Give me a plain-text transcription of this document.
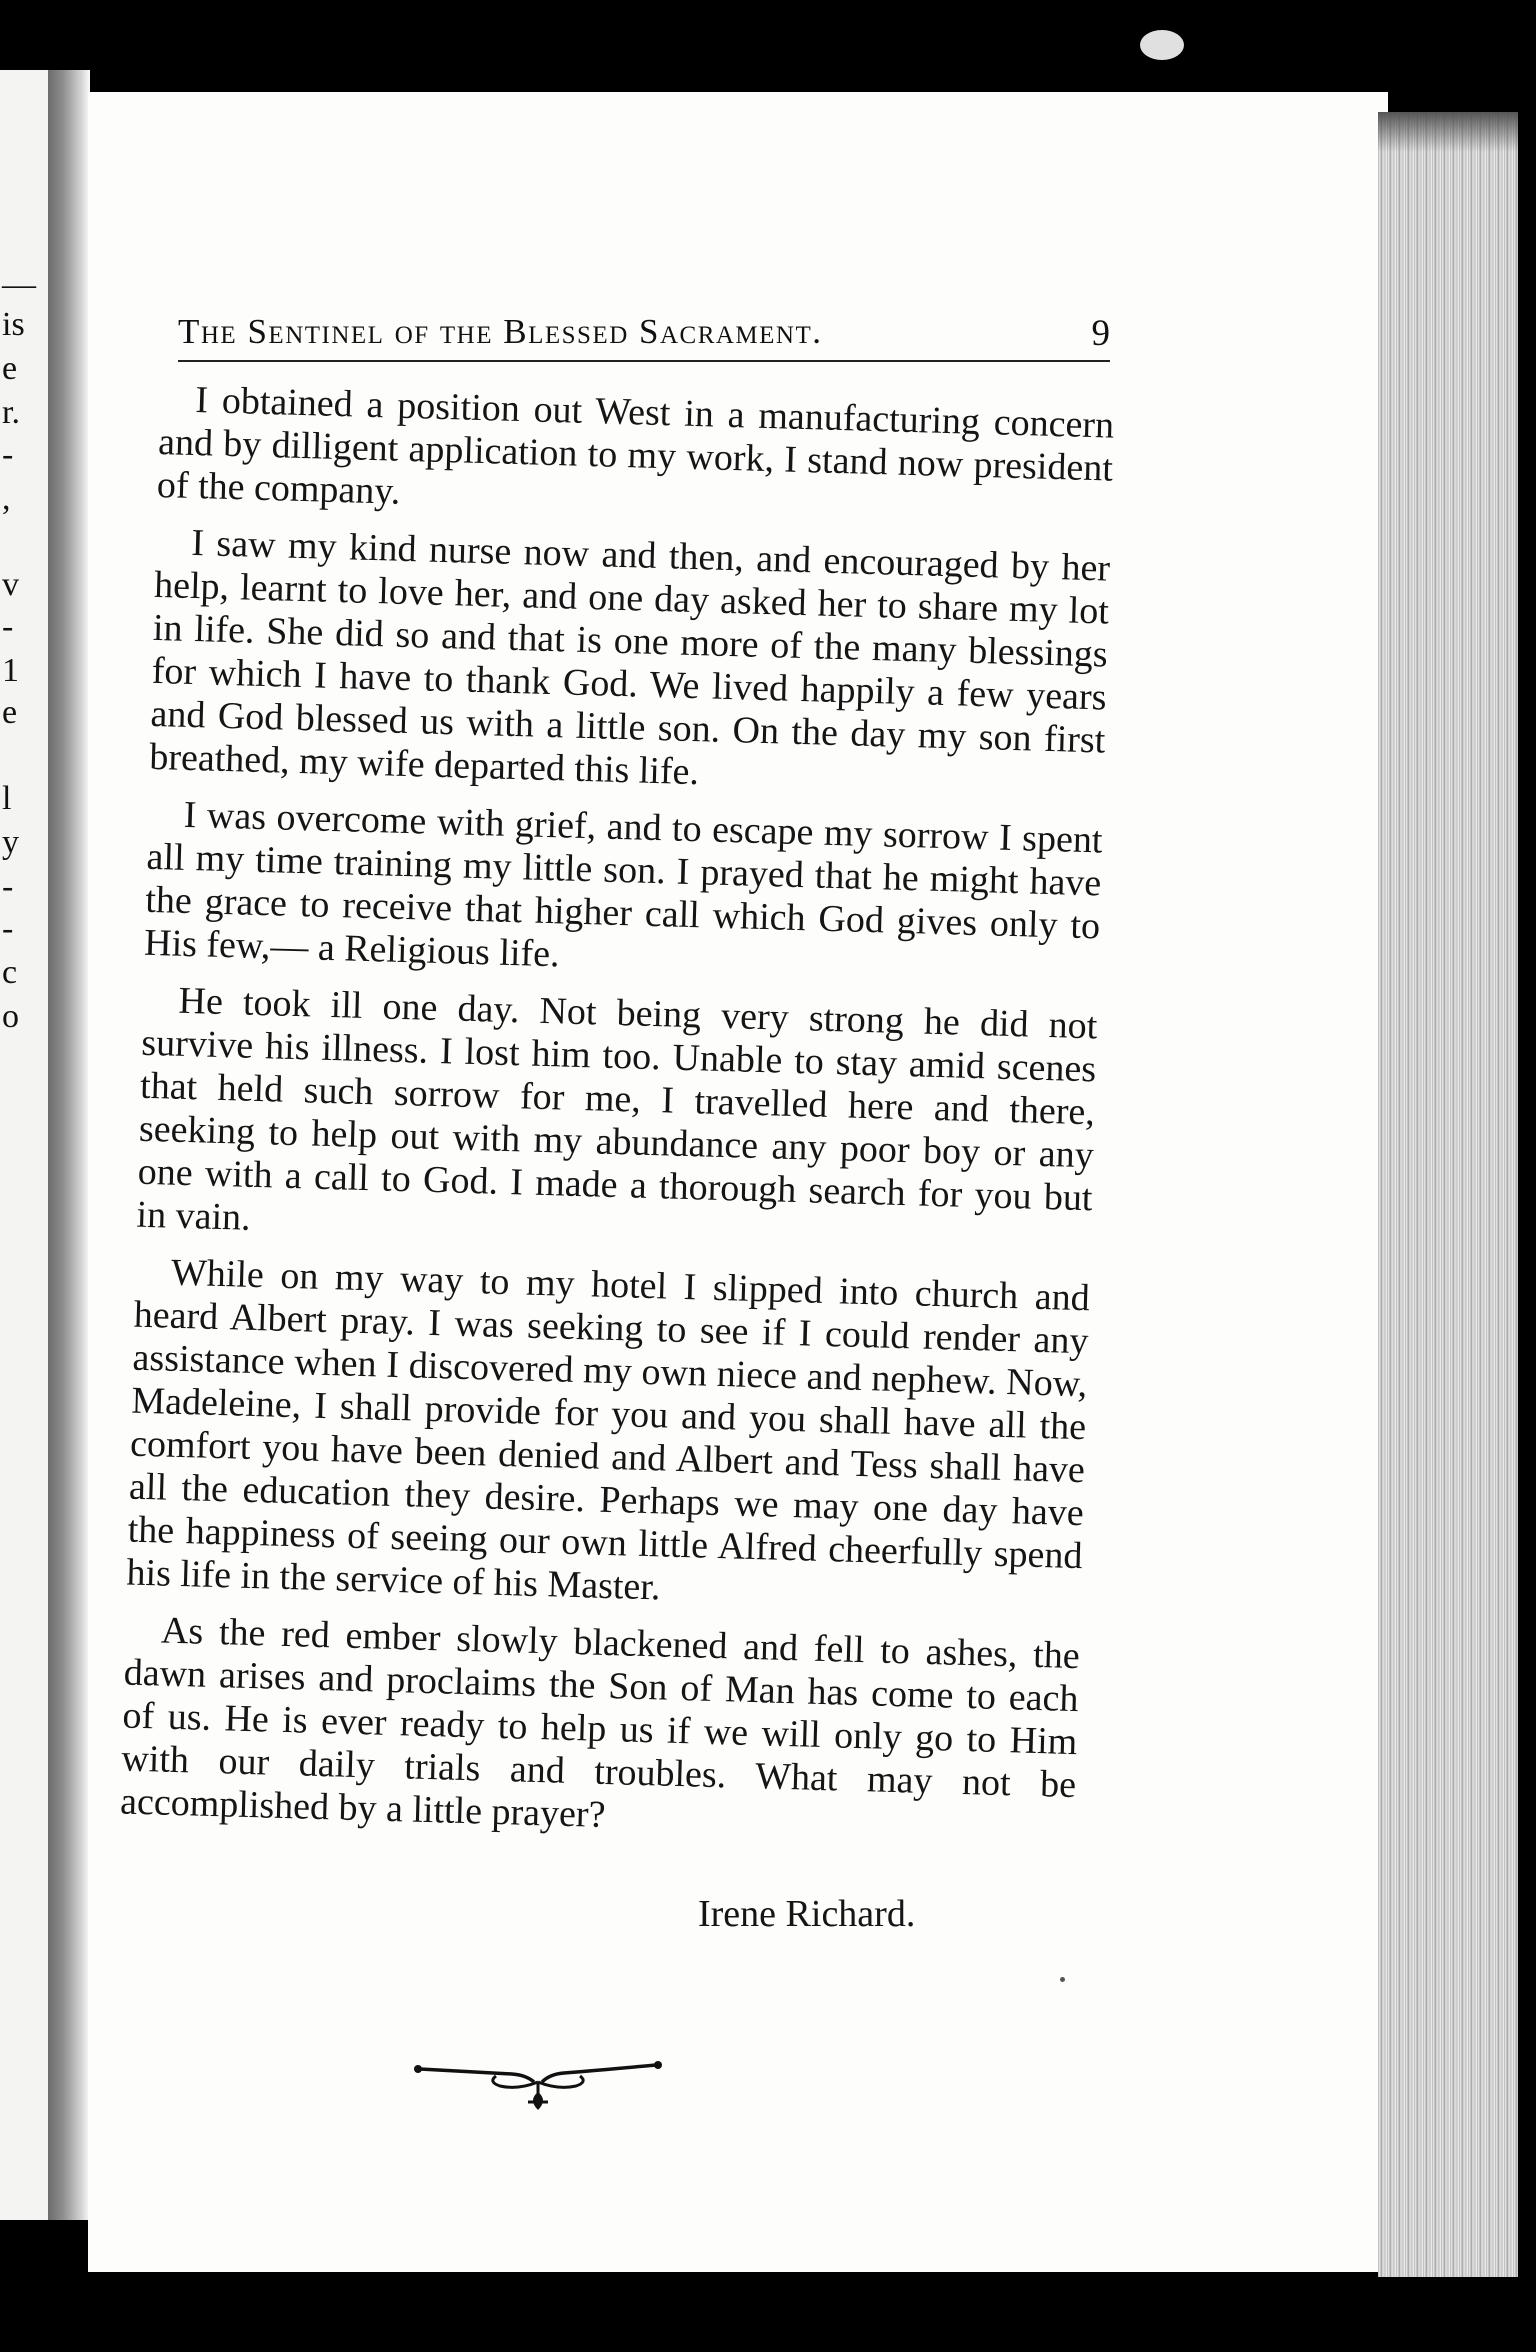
—
is
e
r.
-
,
v
-
1
e
l
y
-
-
c
o
The Sentinel of the Blessed Sacrament.	9

I obtained a position out West in a manufacturing concern and by dilligent application to my work, I stand now president of the company.

I saw my kind nurse now and then, and encouraged by her help, learnt to love her, and one day asked her to share my lot in life. She did so and that is one more of the many blessings for which I have to thank God. We lived happily a few years and God blessed us with a little son. On the day my son first breathed, my wife departed this life.

I was overcome with grief, and to escape my sorrow I spent all my time training my little son. I prayed that he might have the grace to receive that higher call which God gives only to His few,— a Religious life.

He took ill one day. Not being very strong he did not survive his illness. I lost him too. Unable to stay amid scenes that held such sorrow for me, I travelled here and there, seeking to help out with my abundance any poor boy or any one with a call to God. I made a thorough search for you but in vain.

While on my way to my hotel I slipped into church and heard Albert pray. I was seeking to see if I could render any assistance when I discovered my own niece and nephew. Now, Madeleine, I shall provide for you and you shall have all the comfort you have been denied and Albert and Tess shall have all the education they desire. Perhaps we may one day have the happiness of seeing our own little Alfred cheerfully spend his life in the service of his Master.

As the red ember slowly blackened and fell to ashes, the dawn arises and proclaims the Son of Man has come to each of us. He is ever ready to help us if we will only go to Him with our daily trials and troubles. What may not be accomplished by a little prayer?

Irene Richard.
